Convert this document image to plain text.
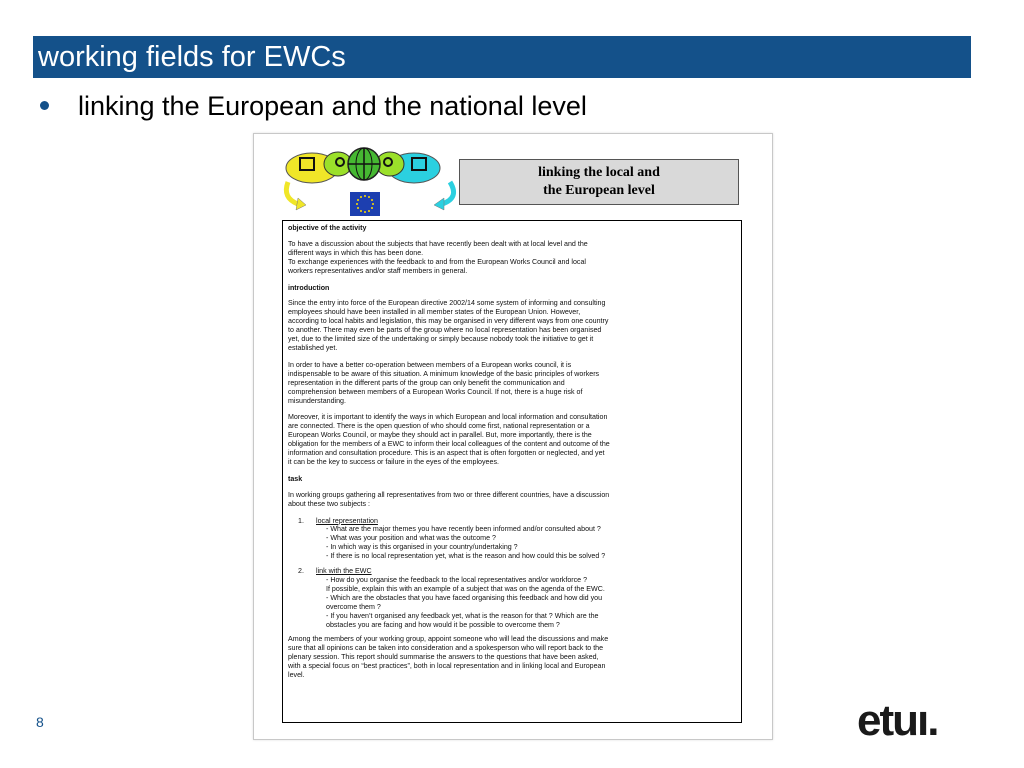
working fields for EWCs
linking the European and the national level
linking the local and
the European level
objective of the activity

To have a discussion about the subjects that have recently been dealt with at local level and the
different ways in which this has been done.
To exchange experiences with the feedback to and from the European Works Council and local
workers representatives and/or staff members in general.

introduction

Since the entry into force of the European directive 2002/14 some system of informing and consulting
employees should have been installed in all member states of the European Union. However,
according to local habits and legislation, this may be organised in very different ways from one country
to another. There may even be parts of the group where no local representation has been organised
yet, due to the limited size of the undertaking or simply because nobody took the initiative to get it
established yet.

In order to have a better co-operation between members of a European works council, it is
indispensable to be aware of this situation. A minimum knowledge of the basic principles of workers
representation in the different parts of the group can only benefit the communication and
comprehension between members of a European Works Council. If not, there is a huge risk of
misunderstanding.

Moreover, it is important to identify the ways in which European and local information and consultation
are connected. There is the open question of who should come first, national representation or a
European Works Council, or maybe they should act in parallel. But, more importantly, there is the
obligation for the members of a EWC to inform their local colleagues of the content and outcome of the
information and consultation procedure. This is an aspect that is often forgotten or neglected, and yet
it can be the key to success or failure in the eyes of the employees.

task

In working groups gathering all representatives from two or three different countries, have a discussion
about these two subjects :

1. local representation
- What are the major themes you have recently been informed and/or consulted about ?
- What was your position and what was the outcome ?
- In which way is this organised in your country/undertaking ?
- If there is no local representation yet, what is the reason and how could this be solved ?
2. link with the EWC
- How do you organise the feedback to the local representatives and/or workforce ?
If possible, explain this with an example of a subject that was on the agenda of the EWC.
- Which are the obstacles that you have faced organising this feedback and how did you
overcome them ?
- If you haven’t organised any feedback yet, what is the reason for that ? Which are the
obstacles you are facing and how would it be possible to overcome them ?

Among the members of your working group, appoint someone who will lead the discussions and make
sure that all opinions can be taken into consideration and a spokesperson who will report back to the
plenary session. This report should summarise the answers to the questions that have been asked,
with a special focus on “best practices”, both in local representation and in linking local and European
level.

8	etuı.
